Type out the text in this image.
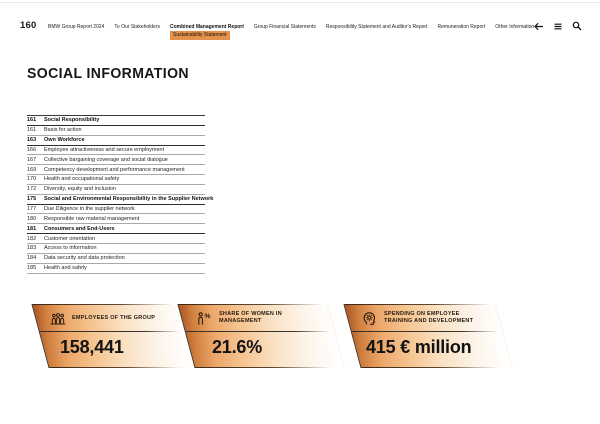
160 BMW Group Report 2024 To Our Stakeholders Combined Management Report
Sustainability Statement
Group Financial Statements Responsibility Statement and Auditor's Report Remuneration Report Other Information
SOCIAL INFORMATION
161	Social Responsibility
161	Basis for action
163	Own Workforce
166	Employee attractiveness and secure employment
167	Collective bargaining coverage and social dialogue
169	Competency development and performance management
170	Health and occupational safety
172	Diversity, equity and inclusion
175	Social and Environmental Responsibility in the Supplier Network
177	Due Diligence in the supplier network
180	Responsible raw material management
181	Consumers and End-Users
182	Customer orientation
183	Access to information
184	Data security and data protection
185	Health and safety
EMPLOYEES OF THE GROUP
158,441
% SHARE OF WOMEN IN MANAGEMENT
21.6%
SPENDING ON EMPLOYEE TRAINING AND DEVELOPMENT
415 € million
